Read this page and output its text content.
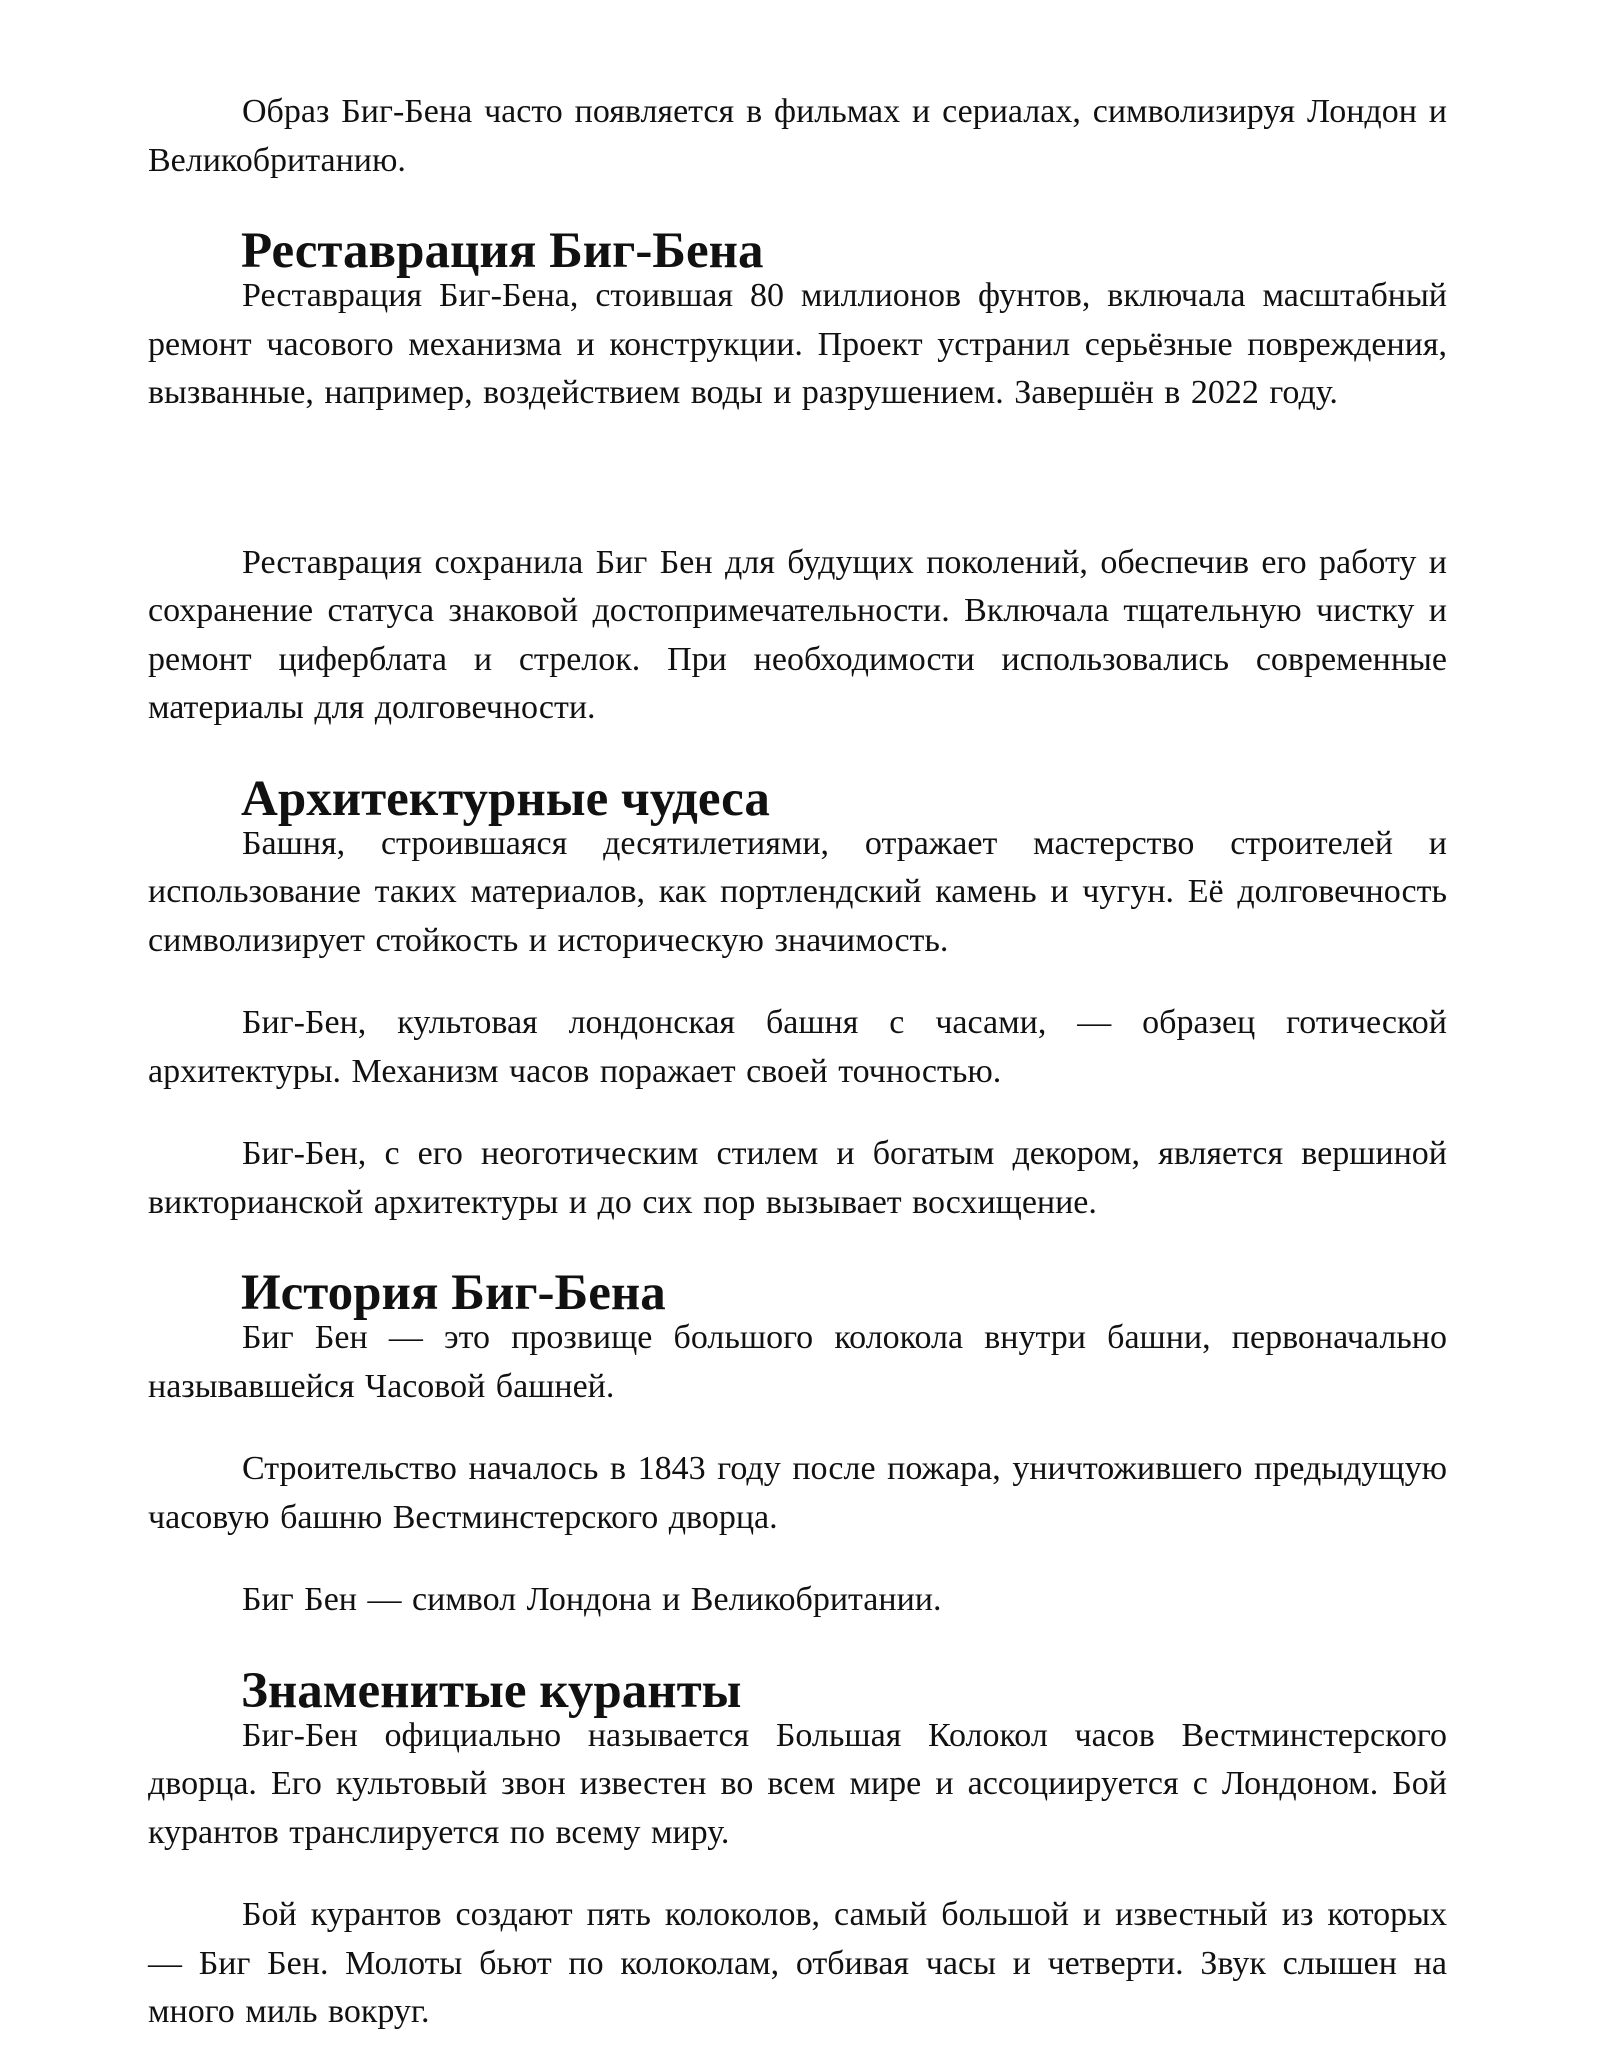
Образ Биг-Бена часто появляется в фильмах и сериалах, символизируя Лондон и Великобританию.

Реставрация Биг-Бена

Реставрация Биг-Бена, стоившая 80 миллионов фунтов, включала масштабный ремонт часового механизма и конструкции. Проект устранил серьёзные повреждения, вызванные, например, воздействием воды и разрушением. Завершён в 2022 году.

Реставрация сохранила Биг Бен для будущих поколений, обеспечив его работу и сохранение статуса знаковой достопримечательности. Включала тщательную чистку и ремонт циферблата и стрелок. При необходимости использовались современные материалы для долговечности.

Архитектурные чудеса

Башня, строившаяся десятилетиями, отражает мастерство строителей и использование таких материалов, как портлендский камень и чугун. Её долговечность символизирует стойкость и историческую значимость.

Биг-Бен, культовая лондонская башня с часами, — образец готической архитектуры. Механизм часов поражает своей точностью.

Биг-Бен, с его неоготическим стилем и богатым декором, является вершиной викторианской архитектуры и до сих пор вызывает восхищение.

История Биг-Бена

Биг Бен — это прозвище большого колокола внутри башни, первоначально называвшейся Часовой башней.

Строительство началось в 1843 году после пожара, уничтожившего предыдущую часовую башню Вестминстерского дворца.

Биг Бен — символ Лондона и Великобритании.

Знаменитые куранты

Биг-Бен официально называется Большая Колокол часов Вестминстерского дворца. Его культовый звон известен во всем мире и ассоциируется с Лондоном. Бой курантов транслируется по всему миру.

Бой курантов создают пять колоколов, самый большой и известный из которых — Биг Бен. Молоты бьют по колоколам, отбивая часы и четверти. Звук слышен на много миль вокруг.
